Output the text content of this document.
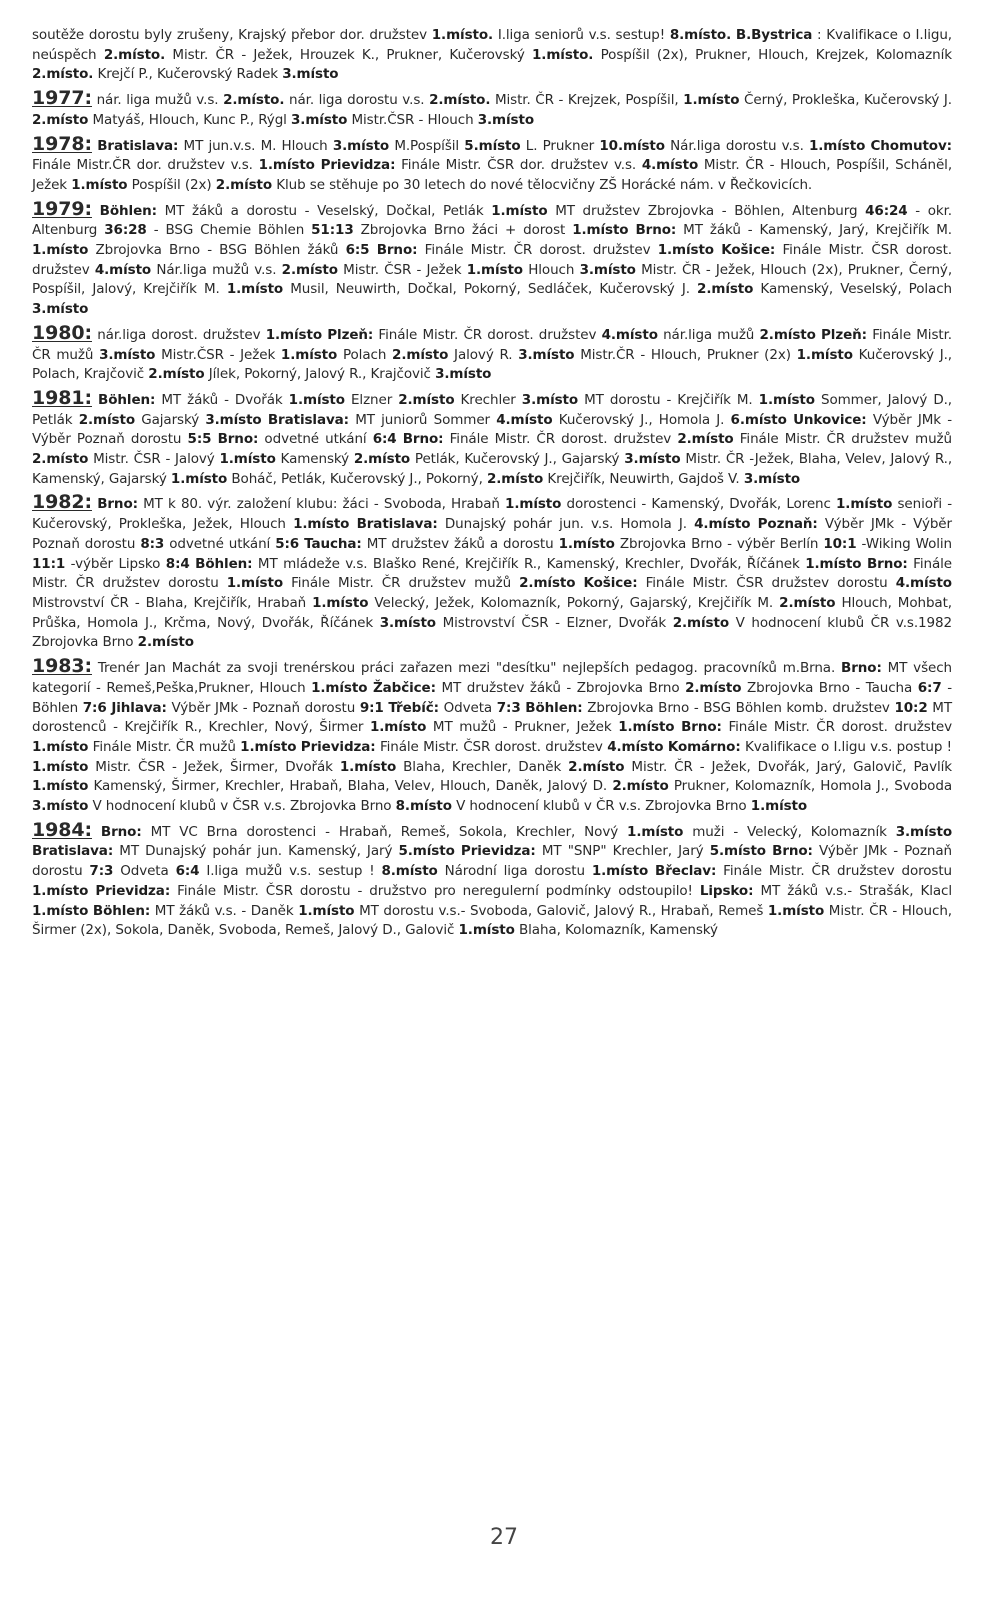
soutěže dorostu byly zrušeny, Krajský přebor dor. družstev 1.místo. I.liga seniorů v.s. sestup! 8.místo. B.Bystrica : Kvalifikace o I.ligu, neúspěch 2.místo. Mistr. ČR - Ježek, Hrouzek K., Prukner, Kučerovský 1.místo. Pospíšil (2x), Prukner, Hlouch, Krejzek, Kolomazník 2.místo. Krejčí P., Kučerovský Radek 3.místo

1977: nár. liga mužů v.s. 2.místo. nár. liga dorostu v.s. 2.místo. Mistr. ČR - Krejzek, Pospíšil, 1.místo Černý, Prokleška, Kučerovský J. 2.místo Matyáš, Hlouch, Kunc P., Rýgl 3.místo Mistr.ČSR - Hlouch 3.místo

1978: Bratislava: MT jun.v.s. M. Hlouch 3.místo M.Pospíšil 5.místo L. Prukner 10.místo Nár.liga dorostu v.s. 1.místo Chomutov: Finále Mistr.ČR dor. družstev v.s. 1.místo Prievidza: Finále Mistr. ČSR dor. družstev v.s. 4.místo Mistr. ČR - Hlouch, Pospíšil, Schánĕl, Ježek 1.místo Pospíšil (2x) 2.místo Klub se stěhuje po 30 letech do nové tělocvičny ZŠ Horácké nám. v Řečkovicích.

1979: Böhlen: MT žáků a dorostu - Veselský, Dočkal, Petlák 1.místo MT družstev Zbrojovka - Böhlen, Altenburg 46:24 - okr. Altenburg 36:28 - BSG Chemie Böhlen 51:13 Zbrojovka Brno žáci + dorost 1.místo Brno: MT žáků - Kamenský, Jarý, Krejčiřík M. 1.místo Zbrojovka Brno - BSG Böhlen žáků 6:5 Brno: Finále Mistr. ČR dorost. družstev 1.místo Košice: Finále Mistr. ČSR dorost. družstev 4.místo Nár.liga mužů v.s. 2.místo Mistr. ČSR - Ježek 1.místo Hlouch 3.místo Mistr. ČR - Ježek, Hlouch (2x), Prukner, Černý, Pospíšil, Jalový, Krejčiřík M. 1.místo Musil, Neuwirth, Dočkal, Pokorný, Sedláček, Kučerovský J. 2.místo Kamenský, Veselský, Polach 3.místo

1980: nár.liga dorost. družstev 1.místo Plzeň: Finále Mistr. ČR dorost. družstev 4.místo nár.liga mužů 2.místo Plzeň: Finále Mistr. ČR mužů 3.místo Mistr.ČSR - Ježek 1.místo Polach 2.místo Jalový R. 3.místo Mistr.ČR - Hlouch, Prukner (2x) 1.místo Kučerovský J., Polach, Krajčovič 2.místo Jílek, Pokorný, Jalový R., Krajčovič 3.místo

1981: Böhlen: MT žáků - Dvořák 1.místo Elzner 2.místo Krechler 3.místo MT dorostu - Krejčiřík M. 1.místo Sommer, Jalový D., Petlák 2.místo Gajarský 3.místo Bratislava: MT juniorů Sommer 4.místo Kučerovský J., Homola J. 6.místo Unkovice: Výběr JMk - Výběr Poznaň dorostu 5:5 Brno: odvetné utkání 6:4 Brno: Finále Mistr. ČR dorost. družstev 2.místo Finále Mistr. ČR družstev mužů 2.místo Mistr. ČSR - Jalový 1.místo Kamenský 2.místo Petlák, Kučerovský J., Gajarský 3.místo Mistr. ČR -Ježek, Blaha, Velev, Jalový R., Kamenský, Gajarský 1.místo Boháč, Petlák, Kučerovský J., Pokorný, 2.místo Krejčiřík, Neuwirth, Gajdoš V. 3.místo

1982: Brno: MT k 80. výr. založení klubu: žáci - Svoboda, Hrabaň 1.místo dorostenci - Kamenský, Dvořák, Lorenc 1.místo senioři - Kučerovský, Prokleška, Ježek, Hlouch 1.místo Bratislava: Dunajský pohár jun. v.s. Homola J. 4.místo Poznaň: Výběr JMk - Výběr Poznaň dorostu 8:3 odvetné utkání 5:6 Taucha: MT družstev žáků a dorostu 1.místo Zbrojovka Brno - výběr Berlín 10:1 -Wiking Wolin 11:1 -výběr Lipsko 8:4 Böhlen: MT mládeže v.s. Blaško René, Krejčiřík R., Kamenský, Krechler, Dvořák, Říčánek 1.místo Brno: Finále Mistr. ČR družstev dorostu 1.místo Finále Mistr. ČR družstev mužů 2.místo Košice: Finále Mistr. ČSR družstev dorostu 4.místo Mistrovství ČR - Blaha, Krejčiřík, Hrabaň 1.místo Velecký, Ježek, Kolomazník, Pokorný, Gajarský, Krejčiřík M. 2.místo Hlouch, Mohbat, Průška, Homola J., Krčma, Nový, Dvořák, Říčánek 3.místo Mistrovství ČSR - Elzner, Dvořák 2.místo V hodnocení klubů ČR v.s.1982 Zbrojovka Brno 2.místo

1983: Trenér Jan Machát za svoji trenérskou práci zařazen mezi "desítku" nejlepších pedagog. pracovníků m.Brna. Brno: MT všech kategorií - Remeš,Peška,Prukner, Hlouch 1.místo Žabčice: MT družstev žáků - Zbrojovka Brno 2.místo Zbrojovka Brno - Taucha 6:7 - Böhlen 7:6 Jihlava: Výběr JMk - Poznaň dorostu 9:1 Třebíč: Odveta 7:3 Böhlen: Zbrojovka Brno - BSG Böhlen komb. družstev 10:2 MT dorostenců - Krejčiřík R., Krechler, Nový, Širmer 1.místo MT mužů - Prukner, Ježek 1.místo Brno: Finále Mistr. ČR dorost. družstev 1.místo Finále Mistr. ČR mužů 1.místo Prievidza: Finále Mistr. ČSR dorost. družstev 4.místo Komárno: Kvalifikace o I.ligu v.s. postup ! 1.místo Mistr. ČSR - Ježek, Širmer, Dvořák 1.místo Blaha, Krechler, Daněk 2.místo Mistr. ČR - Ježek, Dvořák, Jarý, Galovič, Pavlík 1.místo Kamenský, Širmer, Krechler, Hrabaň, Blaha, Velev, Hlouch, Daněk, Jalový D. 2.místo Prukner, Kolomazník, Homola J., Svoboda 3.místo V hodnocení klubů v ČSR v.s. Zbrojovka Brno 8.místo V hodnocení klubů v ČR v.s. Zbrojovka Brno 1.místo

1984: Brno: MT VC Brna dorostenci - Hrabaň, Remeš, Sokola, Krechler, Nový 1.místo muži - Velecký, Kolomazník 3.místo Bratislava: MT Dunajský pohár jun. Kamenský, Jarý 5.místo Prievidza: MT "SNP" Krechler, Jarý 5.místo Brno: Výběr JMk - Poznaň dorostu 7:3 Odveta 6:4 I.liga mužů v.s. sestup ! 8.místo Národní liga dorostu 1.místo Břeclav: Finále Mistr. ČR družstev dorostu 1.místo Prievidza: Finále Mistr. ČSR dorostu - družstvo pro neregulerní podmínky odstoupilo! Lipsko: MT žáků v.s.- Strašák, Klacl 1.místo Böhlen: MT žáků v.s. - Daněk 1.místo MT dorostu v.s.- Svoboda, Galovič, Jalový R., Hrabaň, Remeš 1.místo Mistr. ČR - Hlouch, Širmer (2x), Sokola, Daněk, Svoboda, Remeš, Jalový D., Galovič 1.místo Blaha, Kolomazník, Kamenský

27
